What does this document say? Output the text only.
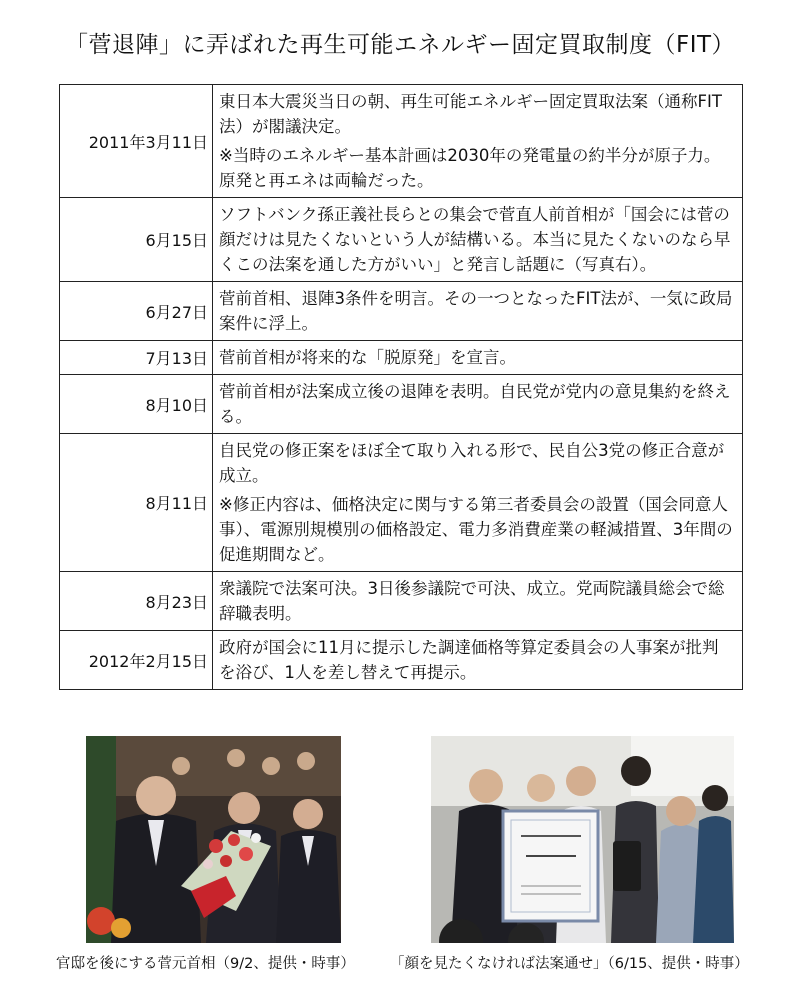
「菅退陣」に弄ばれた再生可能エネルギー固定買取制度（FIT）
2011年3月11日	東日本大震災当日の朝、再生可能エネルギー固定買取法案（通称FIT法）が閣議決定。

※当時のエネルギー基本計画は2030年の発電量の約半分が原子力。原発と再エネは両輪だった。

6月15日	ソフトバンク孫正義社長らとの集会で菅直人前首相が「国会には菅の顔だけは見たくないという人が結構いる。本当に見たくないのなら早くこの法案を通した方がいい」と発言し話題に（写真右）。

6月27日	菅前首相、退陣3条件を明言。その一つとなったFIT法が、一気に政局案件に浮上。

7月13日	菅前首相が将来的な「脱原発」を宣言。

8月10日	菅前首相が法案成立後の退陣を表明。自民党が党内の意見集約を終える。

8月11日	自民党の修正案をほぼ全て取り入れる形で、民自公3党の修正合意が成立。

※修正内容は、価格決定に関与する第三者委員会の設置（国会同意人事）、電源別規模別の価格設定、電力多消費産業の軽減措置、3年間の促進期間など。

8月23日	衆議院で法案可決。3日後参議院で可決、成立。党両院議員総会で総辞職表明。

2012年2月15日	政府が国会に11月に提示した調達価格等算定委員会の人事案が批判を浴び、1人を差し替えて再提示。

官邸を後にする菅元首相（9/2、提供・時事） 「顔を見たくなければ法案通せ」（6/15、提供・時事）
